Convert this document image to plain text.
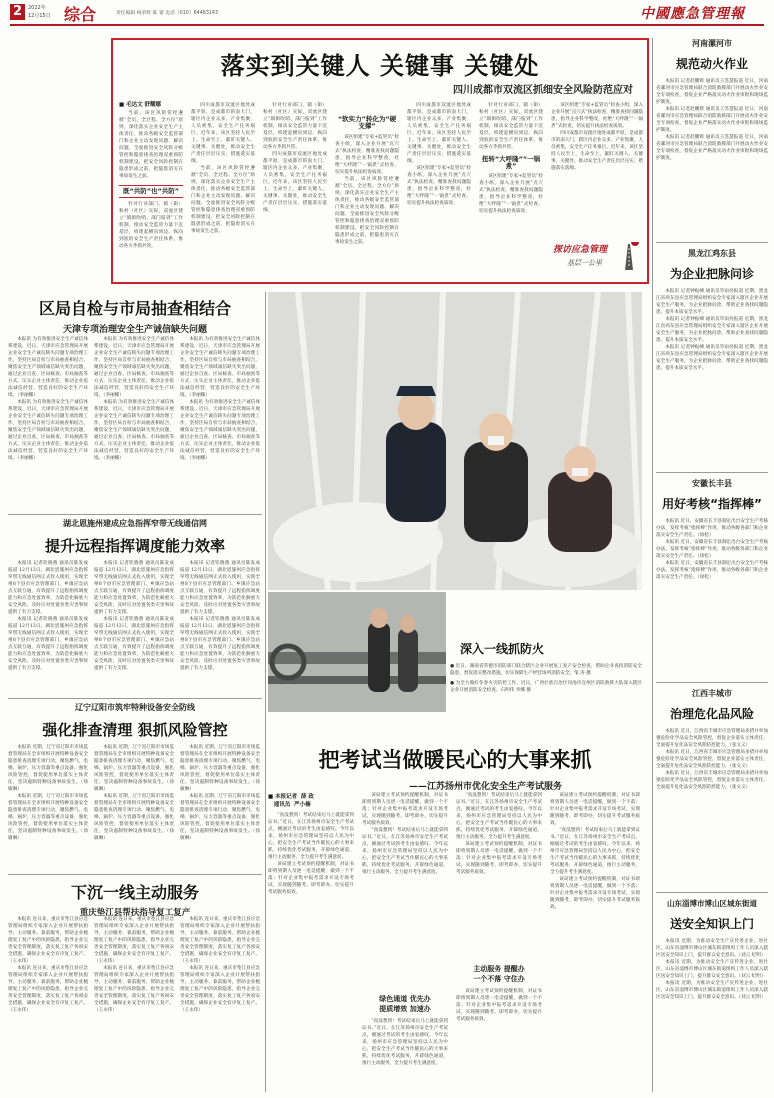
2	2022年
12月15日 综合	责任编辑 杨荣辉 陈 蕾 电话（010）64463143	中國應急管理報
落实到关键人 关键事 关键处
四川成都市双流区抓细安全风险防范应对
■ 毛达文 舒耀娜

当前，该区风险管控遵循“全员、全过程、全方位”原则，深化落实企业安全生产主体责任，推动各级安全监管部门和企业主动发现问题、解决问题，全面推进安全风险分级管控和隐患排查治理双重预防机制建设，把安全风险控制在隐患形成之前，把隐患消灭在事故发生之前。

既“共防”也“共防”

针对行业部门、镇（街）和村（社区）实际，双流区建立“镇街吹哨、部门报到”工作机制，推动安全监管力量下沉基层，构建起横向到边、纵向到底的安全生产责任体系，推动各方齐抓共管。

四川成都市双流区地处成都平原，是成都市的南大门，辖区内企业众多、产业集聚、人员密集，安全生产任务艰巨。近年来，该区坚持人民至上、生命至上，紧盯关键人、关键事、关键处，推动安全生产责任层层压实、措施落实落细。

当前，该区风险管控遵循“全员、全过程、全方位”原则，深化落实企业安全生产主体责任，推动各级安全监管部门和企业主动发现问题、解决问题，全面推进安全风险分级管控和隐患排查治理双重预防机制建设，把安全风险控制在隐患形成之前，把隐患消灭在事故发生之前。

针对行业部门、镇（街）和村（社区）实际，双流区建立“镇街吹哨、部门报到”工作机制，推动安全监管力量下沉基层，构建起横向到边、纵向到底的安全生产责任体系，推动各方齐抓共管。

四川成都市双流区地处成都平原，是成都市的南大门，辖区内企业众多、产业集聚、人员密集，安全生产任务艰巨。近年来，该区坚持人民至上、生命至上，紧盯关键人、关键事、关键处，推动安全生产责任层层压实、措施落实落细。

“软实力”转化为“硬支撑”

该区组建“专家+监管员”检查小组，深入企业开展“点穴式”执法检查，精准查找问题隐患，指导企业科学整改，杜绝“大呼隆”“一锅煮”式检查，切实提升执法检查质效。

当前，该区风险管控遵循“全员、全过程、全方位”原则，深化落实企业安全生产主体责任，推动各级安全监管部门和企业主动发现问题、解决问题，全面推进安全风险分级管控和隐患排查治理双重预防机制建设，把安全风险控制在隐患形成之前，把隐患消灭在事故发生之前。

四川成都市双流区地处成都平原，是成都市的南大门，辖区内企业众多、产业集聚、人员密集，安全生产任务艰巨。近年来，该区坚持人民至上、生命至上，紧盯关键人、关键事、关键处，推动安全生产责任层层压实、措施落实落细。

该区组建“专家+监管员”检查小组，深入企业开展“点穴式”执法检查，精准查找问题隐患，指导企业科学整改，杜绝“大呼隆”“一锅煮”式检查，切实提升执法检查质效。

针对行业部门、镇（街）和村（社区）实际，双流区建立“镇街吹哨、部门报到”工作机制，推动安全监管力量下沉基层，构建起横向到边、纵向到底的安全生产责任体系，推动各方齐抓共管。

扭转“大呼隆”“一锅煮”

该区组建“专家+监管员”检查小组，深入企业开展“点穴式”执法检查，精准查找问题隐患，指导企业科学整改，杜绝“大呼隆”“一锅煮”式检查，切实提升执法检查质效。

该区组建“专家+监管员”检查小组，深入企业开展“点穴式”执法检查，精准查找问题隐患，指导企业科学整改，杜绝“大呼隆”“一锅煮”式检查，切实提升执法检查质效。

四川成都市双流区地处成都平原，是成都市的南大门，辖区内企业众多、产业集聚、人员密集，安全生产任务艰巨。近年来，该区坚持人民至上、生命至上，紧盯关键人、关键事、关键处，推动安全生产责任层层压实、措施落实落细。

探访应急管理
基层一公里
区局自检与市局抽查相结合
天津专项治理安全生产诚信缺失问题

本报讯 为有效推进安全生产诚信体系建设，近日，天津市应急管理局开展企业安全生产诚信缺失问题专项治理工作，坚持区局自检与市局抽查相结合，聚焦安全生产领域诚信缺失突出问题，通过企业自查、区局核查、市局抽查等方式，压实企业主体责任，推动企业依法诚信经营，营造良好的安全生产环境。（李丽娜）

本报讯 为有效推进安全生产诚信体系建设，近日，天津市应急管理局开展企业安全生产诚信缺失问题专项治理工作，坚持区局自检与市局抽查相结合，聚焦安全生产领域诚信缺失突出问题，通过企业自查、区局核查、市局抽查等方式，压实企业主体责任，推动企业依法诚信经营，营造良好的安全生产环境。（李丽娜）

本报讯 为有效推进安全生产诚信体系建设，近日，天津市应急管理局开展企业安全生产诚信缺失问题专项治理工作，坚持区局自检与市局抽查相结合，聚焦安全生产领域诚信缺失突出问题，通过企业自查、区局核查、市局抽查等方式，压实企业主体责任，推动企业依法诚信经营，营造良好的安全生产环境。（李丽娜）

本报讯 为有效推进安全生产诚信体系建设，近日，天津市应急管理局开展企业安全生产诚信缺失问题专项治理工作，坚持区局自检与市局抽查相结合，聚焦安全生产领域诚信缺失突出问题，通过企业自查、区局核查、市局抽查等方式，压实企业主体责任，推动企业依法诚信经营，营造良好的安全生产环境。（李丽娜）

本报讯 为有效推进安全生产诚信体系建设，近日，天津市应急管理局开展企业安全生产诚信缺失问题专项治理工作，坚持区局自检与市局抽查相结合，聚焦安全生产领域诚信缺失突出问题，通过企业自查、区局核查、市局抽查等方式，压实企业主体责任，推动企业依法诚信经营，营造良好的安全生产环境。（李丽娜）

本报讯 为有效推进安全生产诚信体系建设，近日，天津市应急管理局开展企业安全生产诚信缺失问题专项治理工作，坚持区局自检与市局抽查相结合，聚焦安全生产领域诚信缺失突出问题，通过企业自查、区局核查、市局抽查等方式，压实企业主体责任，推动企业依法诚信经营，营造良好的安全生产环境。（李丽娜）

湖北恩施州建成应急指挥窄带无线通信网
提升远程指挥调度能力效率

本报讯 记者钦晓燕 通讯员陈发成报道 12月13日，湖北恩施州应急指挥窄带无线通信网正式投入使用，实现全州8个县市应急管理部门、乡镇应急站点互联互通，有效提升了远程指挥调度能力和应急处置效率，为防范化解重大安全风险、及时应对处置各类灾害事故提供了有力支撑。

本报讯 记者钦晓燕 通讯员陈发成报道 12月13日，湖北恩施州应急指挥窄带无线通信网正式投入使用，实现全州8个县市应急管理部门、乡镇应急站点互联互通，有效提升了远程指挥调度能力和应急处置效率，为防范化解重大安全风险、及时应对处置各类灾害事故提供了有力支撑。

本报讯 记者钦晓燕 通讯员陈发成报道 12月13日，湖北恩施州应急指挥窄带无线通信网正式投入使用，实现全州8个县市应急管理部门、乡镇应急站点互联互通，有效提升了远程指挥调度能力和应急处置效率，为防范化解重大安全风险、及时应对处置各类灾害事故提供了有力支撑。

本报讯 记者钦晓燕 通讯员陈发成报道 12月13日，湖北恩施州应急指挥窄带无线通信网正式投入使用，实现全州8个县市应急管理部门、乡镇应急站点互联互通，有效提升了远程指挥调度能力和应急处置效率，为防范化解重大安全风险、及时应对处置各类灾害事故提供了有力支撑。

本报讯 记者钦晓燕 通讯员陈发成报道 12月13日，湖北恩施州应急指挥窄带无线通信网正式投入使用，实现全州8个县市应急管理部门、乡镇应急站点互联互通，有效提升了远程指挥调度能力和应急处置效率，为防范化解重大安全风险、及时应对处置各类灾害事故提供了有力支撑。

本报讯 记者钦晓燕 通讯员陈发成报道 12月13日，湖北恩施州应急指挥窄带无线通信网正式投入使用，实现全州8个县市应急管理部门、乡镇应急站点互联互通，有效提升了远程指挥调度能力和应急处置效率，为防范化解重大安全风险、及时应对处置各类灾害事故提供了有力支撑。

辽宁辽阳市筑牢特种设备安全防线
强化排查清理 狠抓风险管控

本报讯 近期，辽宁省辽阳市市场监督管理局在全市组织开展特种设备安全隐患排查清理专项行动，聚焦燃气、电梯、锅炉、压力容器等重点设备，强化风险管控，督促使用单位落实主体责任，坚决遏制特种设备事故发生。（徐敏琳）

本报讯 近期，辽宁省辽阳市市场监督管理局在全市组织开展特种设备安全隐患排查清理专项行动，聚焦燃气、电梯、锅炉、压力容器等重点设备，强化风险管控，督促使用单位落实主体责任，坚决遏制特种设备事故发生。（徐敏琳）

本报讯 近期，辽宁省辽阳市市场监督管理局在全市组织开展特种设备安全隐患排查清理专项行动，聚焦燃气、电梯、锅炉、压力容器等重点设备，强化风险管控，督促使用单位落实主体责任，坚决遏制特种设备事故发生。（徐敏琳）

本报讯 近期，辽宁省辽阳市市场监督管理局在全市组织开展特种设备安全隐患排查清理专项行动，聚焦燃气、电梯、锅炉、压力容器等重点设备，强化风险管控，督促使用单位落实主体责任，坚决遏制特种设备事故发生。（徐敏琳）

本报讯 近期，辽宁省辽阳市市场监督管理局在全市组织开展特种设备安全隐患排查清理专项行动，聚焦燃气、电梯、锅炉、压力容器等重点设备，强化风险管控，督促使用单位落实主体责任，坚决遏制特种设备事故发生。（徐敏琳）

本报讯 近期，辽宁省辽阳市市场监督管理局在全市组织开展特种设备安全隐患排查清理专项行动，聚焦燃气、电梯、锅炉、压力容器等重点设备，强化风险管控，督促使用单位落实主体责任，坚决遏制特种设备事故发生。（徐敏琳）

下沉一线主动服务
重庆垫江县帮扶指导复工复产

本报讯 连日来，重庆市垫江县应急管理局组织专家深入企业开展帮扶指导，主动服务、靠前服务，帮助企业梳理复工复产中的风险隐患，指导企业完善安全管理制度，落实复工复产各项安全措施，确保企业安全有序复工复产。（王永伟）

本报讯 连日来，重庆市垫江县应急管理局组织专家深入企业开展帮扶指导，主动服务、靠前服务，帮助企业梳理复工复产中的风险隐患，指导企业完善安全管理制度，落实复工复产各项安全措施，确保企业安全有序复工复产。（王永伟）

本报讯 连日来，重庆市垫江县应急管理局组织专家深入企业开展帮扶指导，主动服务、靠前服务，帮助企业梳理复工复产中的风险隐患，指导企业完善安全管理制度，落实复工复产各项安全措施，确保企业安全有序复工复产。（王永伟）

本报讯 连日来，重庆市垫江县应急管理局组织专家深入企业开展帮扶指导，主动服务、靠前服务，帮助企业梳理复工复产中的风险隐患，指导企业完善安全管理制度，落实复工复产各项安全措施，确保企业安全有序复工复产。（王永伟）

本报讯 连日来，重庆市垫江县应急管理局组织专家深入企业开展帮扶指导，主动服务、靠前服务，帮助企业梳理复工复产中的风险隐患，指导企业完善安全管理制度，落实复工复产各项安全措施，确保企业安全有序复工复产。（王永伟）

本报讯 连日来，重庆市垫江县应急管理局组织专家深入企业开展帮扶指导，主动服务、靠前服务，帮助企业梳理复工复产中的风险隐患，指导企业完善安全管理制度，落实复工复产各项安全措施，确保企业安全有序复工复产。（王永伟）

深入一线抓防火
● 近日，湖南省常德市消防部门联合辖区企业开展复工复产安全检查，帮助企业查找消防安全隐患，督促落实整改措施，切实保障生产经营场所消防安全。邹 涛 摄
● 为全力做好冬春火灾防控工作，近日，广西壮族自治区河池市宜州区消防救援大队深入辖区企业开展消防安全检查。石明伟 李娜 摄
把考试当做暖民心的大事来抓
——江苏扬州市优化安全生产考试服务
■ 本报记者  薛 政
通讯员  严小楠

“真没想到！考试结束后马上就能拿到证书。”近日，在江苏扬州市安全生产考试点，刚通过考试的考生由衷感叹。今年以来，扬州市应急管理局坚持以人民为中心，把安全生产考试当作暖民心的大事来抓，持续优化考试服务，开辟绿色通道，推行主动服务，全力提升考生满意度。

该局建立考试预约提醒机制，对证书即将到期人员逐一电话提醒，做到一个不落；针对企业集中报考需求开设专场考试，实现随到随考、即考即办，切实提升考试服务质效。

该局建立考试预约提醒机制，对证书即将到期人员逐一电话提醒，做到一个不落；针对企业集中报考需求开设专场考试，实现随到随考、即考即办，切实提升考试服务质效。

“真没想到！考试结束后马上就能拿到证书。”近日，在江苏扬州市安全生产考试点，刚通过考试的考生由衷感叹。今年以来，扬州市应急管理局坚持以人民为中心，把安全生产考试当作暖民心的大事来抓，持续优化考试服务，开辟绿色通道，推行主动服务，全力提升考生满意度。

绿色通道 优先办
提质增效 加速办

“真没想到！考试结束后马上就能拿到证书。”近日，在江苏扬州市安全生产考试点，刚通过考试的考生由衷感叹。今年以来，扬州市应急管理局坚持以人民为中心，把安全生产考试当作暖民心的大事来抓，持续优化考试服务，开辟绿色通道，推行主动服务，全力提升考生满意度。

“真没想到！考试结束后马上就能拿到证书。”近日，在江苏扬州市安全生产考试点，刚通过考试的考生由衷感叹。今年以来，扬州市应急管理局坚持以人民为中心，把安全生产考试当作暖民心的大事来抓，持续优化考试服务，开辟绿色通道，推行主动服务，全力提升考生满意度。

该局建立考试预约提醒机制，对证书即将到期人员逐一电话提醒，做到一个不落；针对企业集中报考需求开设专场考试，实现随到随考、即考即办，切实提升考试服务质效。

主动服务 提醒办
一个不落 守住办

该局建立考试预约提醒机制，对证书即将到期人员逐一电话提醒，做到一个不落；针对企业集中报考需求开设专场考试，实现随到随考、即考即办，切实提升考试服务质效。

该局建立考试预约提醒机制，对证书即将到期人员逐一电话提醒，做到一个不落；针对企业集中报考需求开设专场考试，实现随到随考、即考即办，切实提升考试服务质效。

“真没想到！考试结束后马上就能拿到证书。”近日，在江苏扬州市安全生产考试点，刚通过考试的考生由衷感叹。今年以来，扬州市应急管理局坚持以人民为中心，把安全生产考试当作暖民心的大事来抓，持续优化考试服务，开辟绿色通道，推行主动服务，全力提升考生满意度。

该局建立考试预约提醒机制，对证书即将到期人员逐一电话提醒，做到一个不落；针对企业集中报考需求开设专场考试，实现随到随考、即考即办，切实提升考试服务质效。

河南漯河市
规范动火作业

本报讯 记者赵鹏辉 通讯员王苏慧报道 近日，河南省漯河市应急管理局联合消防救援部门开展动火作业安全专项检查，督促企业严格落实动火作业审批和现场监护制度。

本报讯 记者赵鹏辉 通讯员王苏慧报道 近日，河南省漯河市应急管理局联合消防救援部门开展动火作业安全专项检查，督促企业严格落实动火作业审批和现场监护制度。

本报讯 记者赵鹏辉 通讯员王苏慧报道 近日，河南省漯河市应急管理局联合消防救援部门开展动火作业安全专项检查，督促企业严格落实动火作业审批和现场监护制度。

黑龙江鸡东县
为企业把脉问诊

本报讯 记者钟振峰 通讯员毕雨亮报道 近期，黑龙江省鸡东县应急管理局组织安全专家深入辖区企业开展安全生产服务，为企业把脉问诊，帮助企业查找问题隐患，提升本质安全水平。

本报讯 记者钟振峰 通讯员毕雨亮报道 近期，黑龙江省鸡东县应急管理局组织安全专家深入辖区企业开展安全生产服务，为企业把脉问诊，帮助企业查找问题隐患，提升本质安全水平。

本报讯 记者钟振峰 通讯员毕雨亮报道 近期，黑龙江省鸡东县应急管理局组织安全专家深入辖区企业开展安全生产服务，为企业把脉问诊，帮助企业查找问题隐患，提升本质安全水平。

安徽长丰县
用好考核“指挥棒”

本报讯 近日，安徽省长丰县制定出台安全生产考核办法，发挥考核“指挥棒”作用，推动各级各部门和企业落实安全生产责任。（徐松）

本报讯 近日，安徽省长丰县制定出台安全生产考核办法，发挥考核“指挥棒”作用，推动各级各部门和企业落实安全生产责任。（徐松）

本报讯 近日，安徽省长丰县制定出台安全生产考核办法，发挥考核“指挥棒”作用，推动各级各部门和企业落实安全生产责任。（徐松）

江西丰城市
治理危化品风险

本报讯 近日，江西省丰城市应急管理局多措并举加强危险化学品安全风险管控，督促企业落实主体责任，全面提升危化品安全风险防控能力。（张文义）

本报讯 近日，江西省丰城市应急管理局多措并举加强危险化学品安全风险管控，督促企业落实主体责任，全面提升危化品安全风险防控能力。（张文义）

本报讯 近日，江西省丰城市应急管理局多措并举加强危险化学品安全风险管控，督促企业落实主体责任，全面提升危化品安全风险防控能力。（张文义）

山东淄博市博山区城东街道
送安全知识上门

本报讯 近期，为推动安全生产宣传进企业、进社区，山东省淄博市博山区城东街道组织工作人员深入辖区送安全知识上门，提升群众安全意识。（刘云 纪明）

本报讯 近期，为推动安全生产宣传进企业、进社区，山东省淄博市博山区城东街道组织工作人员深入辖区送安全知识上门，提升群众安全意识。（刘云 纪明）

本报讯 近期，为推动安全生产宣传进企业、进社区，山东省淄博市博山区城东街道组织工作人员深入辖区送安全知识上门，提升群众安全意识。（刘云 纪明）
